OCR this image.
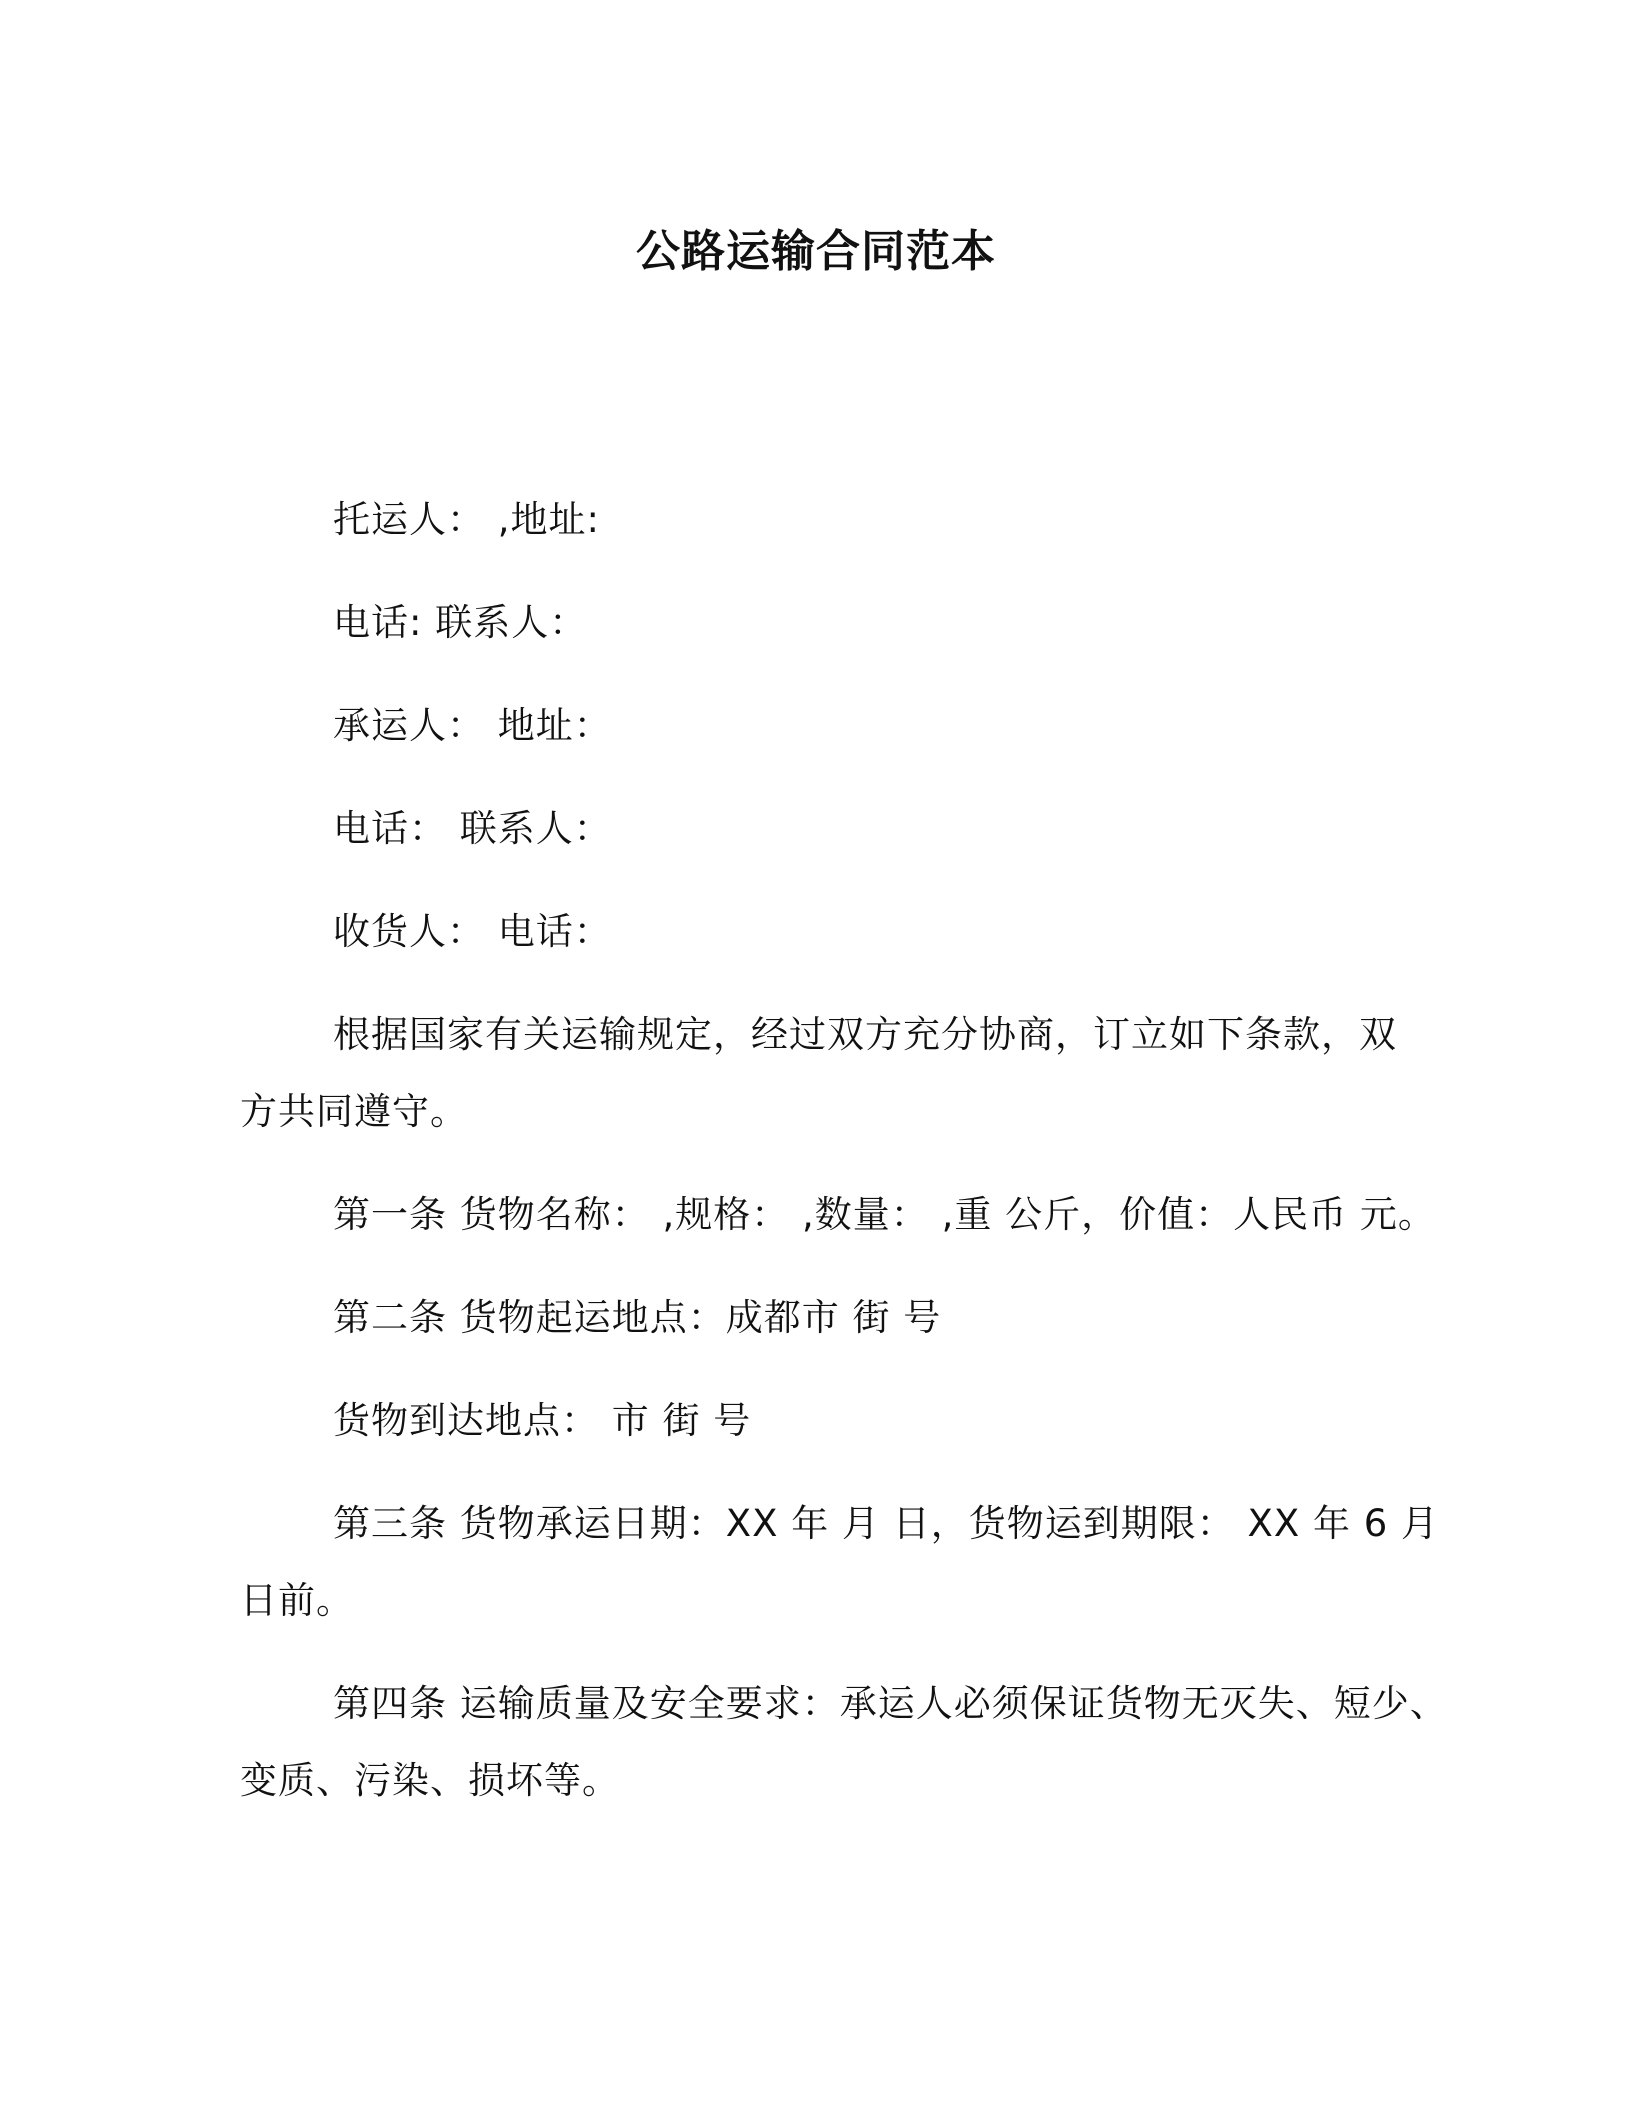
公路运输合同范本
托运人： ,地址:
电话: 联系人：
承运人： 地址：
电话： 联系人：
收货人： 电话：
根据国家有关运输规定，经过双方充分协商，订立如下条款，双
方共同遵守。
第一条 货物名称： ,规格： ,数量： ,重 公斤，价值：人民币 元。
第二条 货物起运地点：成都市 街 号
货物到达地点： 市 街 号
第三条 货物承运日期：XX 年 月 日，货物运到期限： XX 年 6 月
日前。
第四条 运输质量及安全要求：承运人必须保证货物无灭失、短少、
变质、污染、损坏等。
